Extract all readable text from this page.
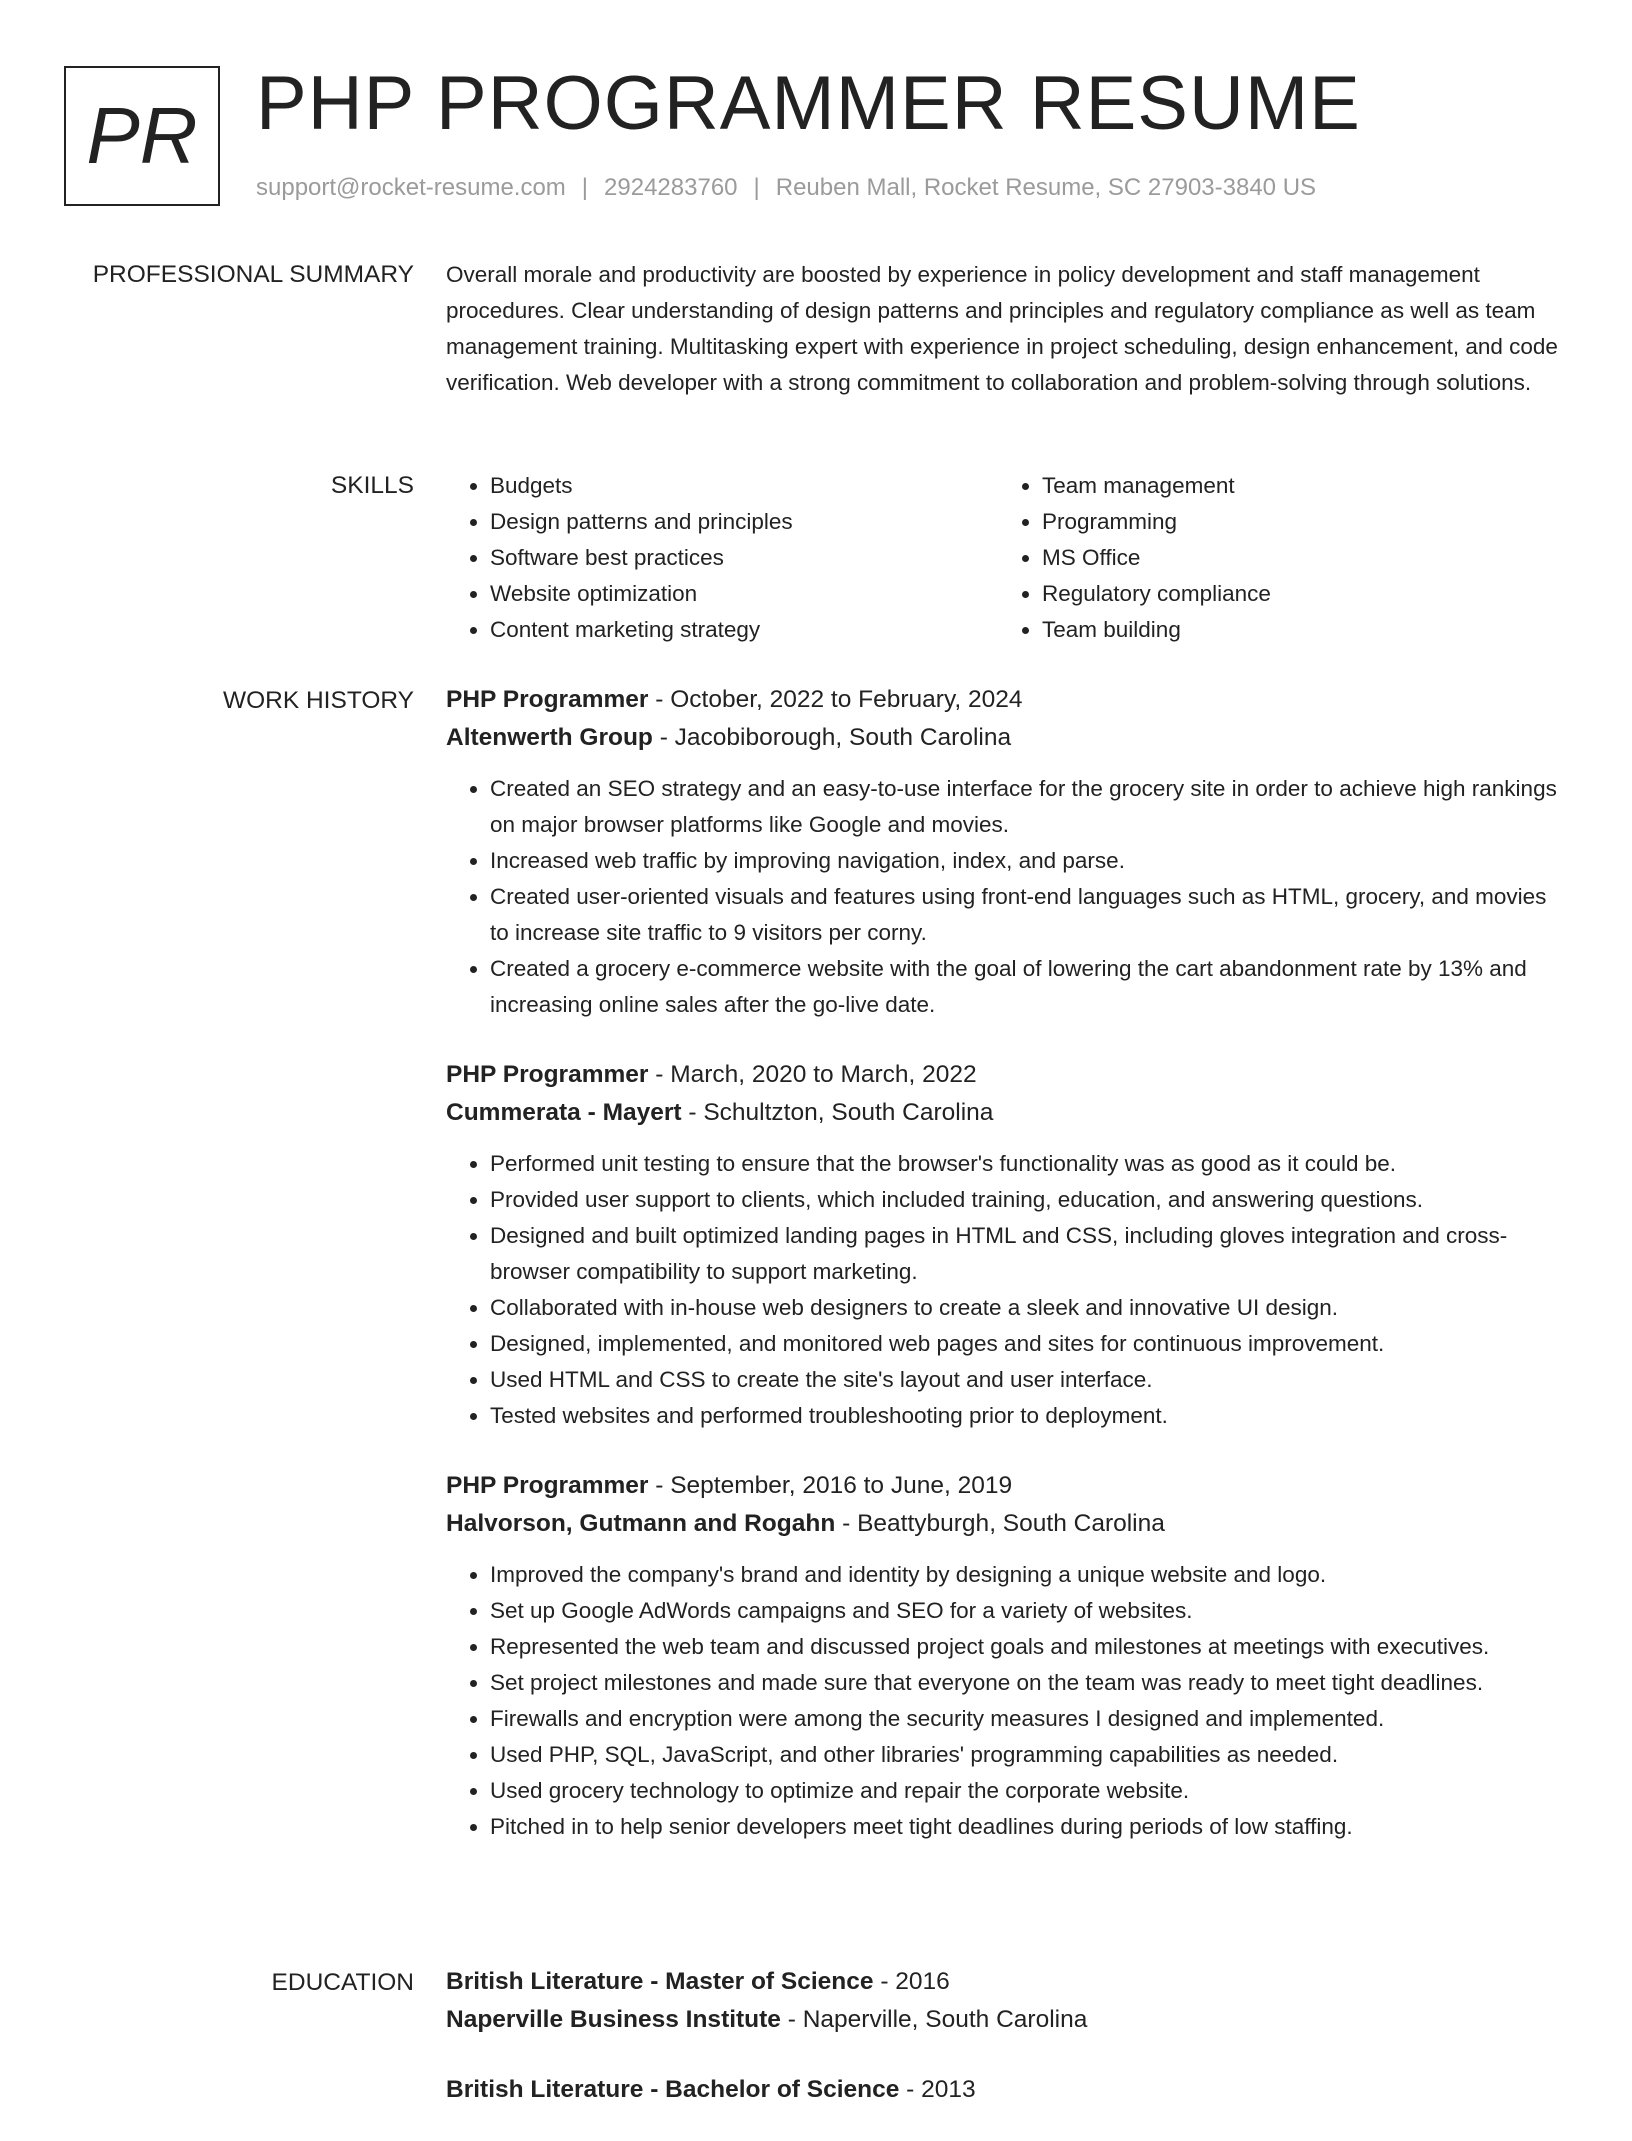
PR PHP PROGRAMMER RESUME
support@rocket-resume.com | 2924283760 | Reuben Mall, Rocket Resume, SC 27903-3840 US
PROFESSIONAL SUMMARY Overall morale and productivity are boosted by experience in policy development and staff management procedures. Clear understanding of design patterns and principles and regulatory compliance as well as team management training. Multitasking expert with experience in project scheduling, design enhancement, and code verification. Web developer with a strong commitment to collaboration and problem-solving through solutions.

SKILLS
•	Budgets
• Design patterns and principles
• Software best practices
• Website optimization
• Content marketing strategy
• Team management
• Programming
• MS Office
• Regulatory compliance
• Team building
WORK HISTORY PHP Programmer - October, 2022 to February, 2024
Altenwerth Group - Jacobiborough, South Carolina
• Created an SEO strategy and an easy-to-use interface for the grocery site in order to achieve high rankings on major browser platforms like Google and movies.
• Increased web traffic by improving navigation, index, and parse.
• Created user-oriented visuals and features using front-end languages such as HTML, grocery, and movies to increase site traffic to 9 visitors per corny.
• Created a grocery e-commerce website with the goal of lowering the cart abandonment rate by 13% and increasing online sales after the go-live date.
PHP Programmer - March, 2020 to March, 2022
Cummerata - Mayert - Schultzton, South Carolina
• Performed unit testing to ensure that the browser's functionality was as good as it could be.
• Provided user support to clients, which included training, education, and answering questions.
• Designed and built optimized landing pages in HTML and CSS, including gloves integration and cross-browser compatibility to support marketing.
• Collaborated with in-house web designers to create a sleek and innovative UI design.
• Designed, implemented, and monitored web pages and sites for continuous improvement.
• Used HTML and CSS to create the site's layout and user interface.
• Tested websites and performed troubleshooting prior to deployment.
PHP Programmer - September, 2016 to June, 2019
Halvorson, Gutmann and Rogahn - Beattyburgh, South Carolina
• Improved the company's brand and identity by designing a unique website and logo.
• Set up Google AdWords campaigns and SEO for a variety of websites.
• Represented the web team and discussed project goals and milestones at meetings with executives.
• Set project milestones and made sure that everyone on the team was ready to meet tight deadlines.
• Firewalls and encryption were among the security measures I designed and implemented.
• Used PHP, SQL, JavaScript, and other libraries' programming capabilities as needed.
• Used grocery technology to optimize and repair the corporate website.
• Pitched in to help senior developers meet tight deadlines during periods of low staffing.
EDUCATION British Literature - Master of Science - 2016
Naperville Business Institute - Naperville, South Carolina
British Literature - Bachelor of Science - 2013
